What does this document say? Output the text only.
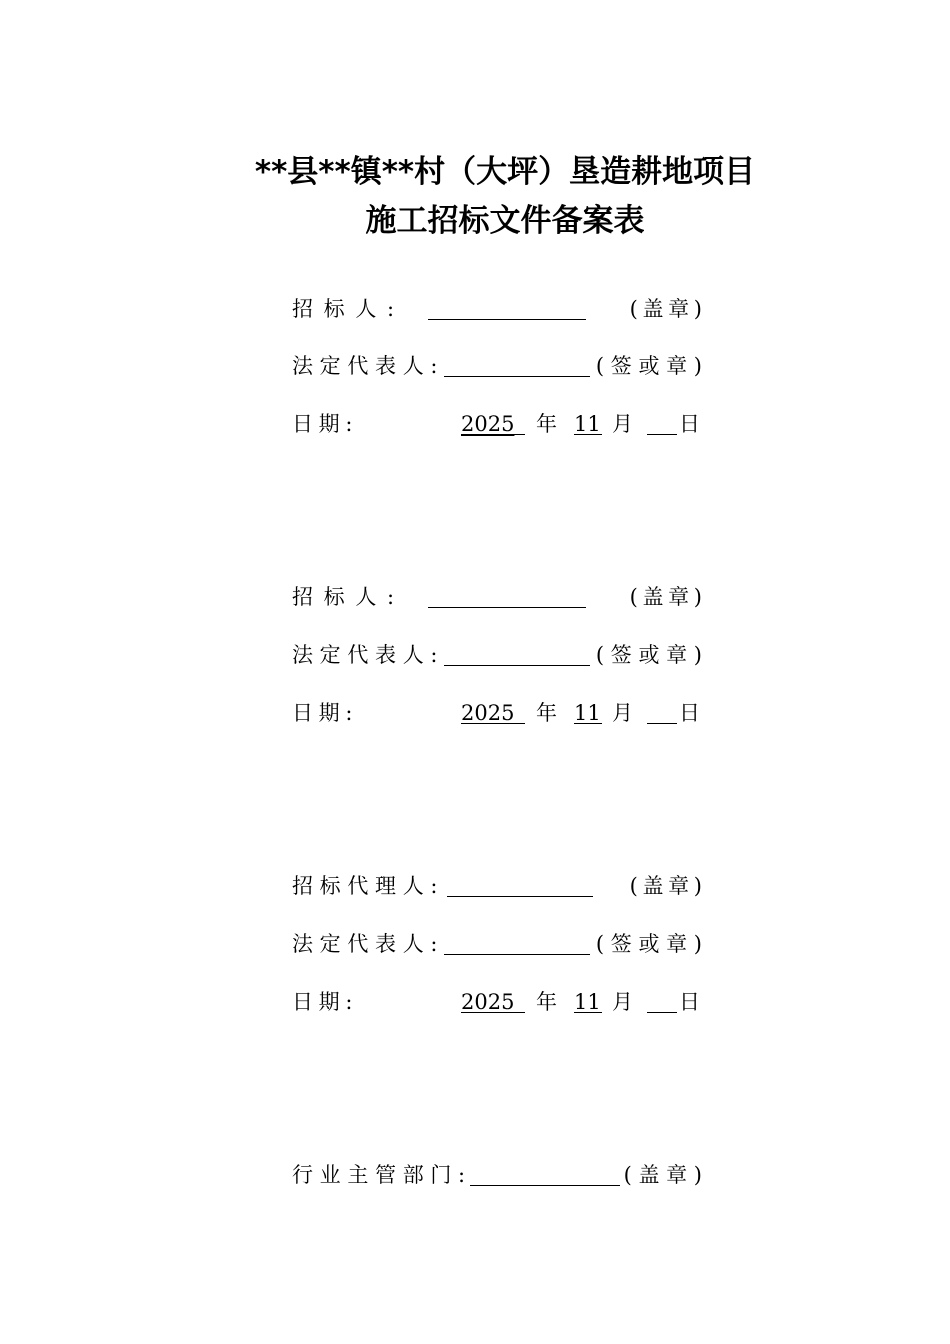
**县**镇**村（大坪）垦造耕地项目
施工招标文件备案表
招 标 人 :	( 盖 章 )
法 定 代 表 人 :	( 签 或 章 )
日 期 :	2025	年 11 月 日
招 标 人 :	( 盖 章 )
法 定 代 表 人 :	( 签 或 章 )
日 期 :	2025 年 11 月 日
招 标 代 理 人 :	( 盖 章 )
法 定 代 表 人 :	( 签 或 章 )
日 期 :	2025 年 11 月 日
行 业 主 管 部 门 :	( 盖 章 )
